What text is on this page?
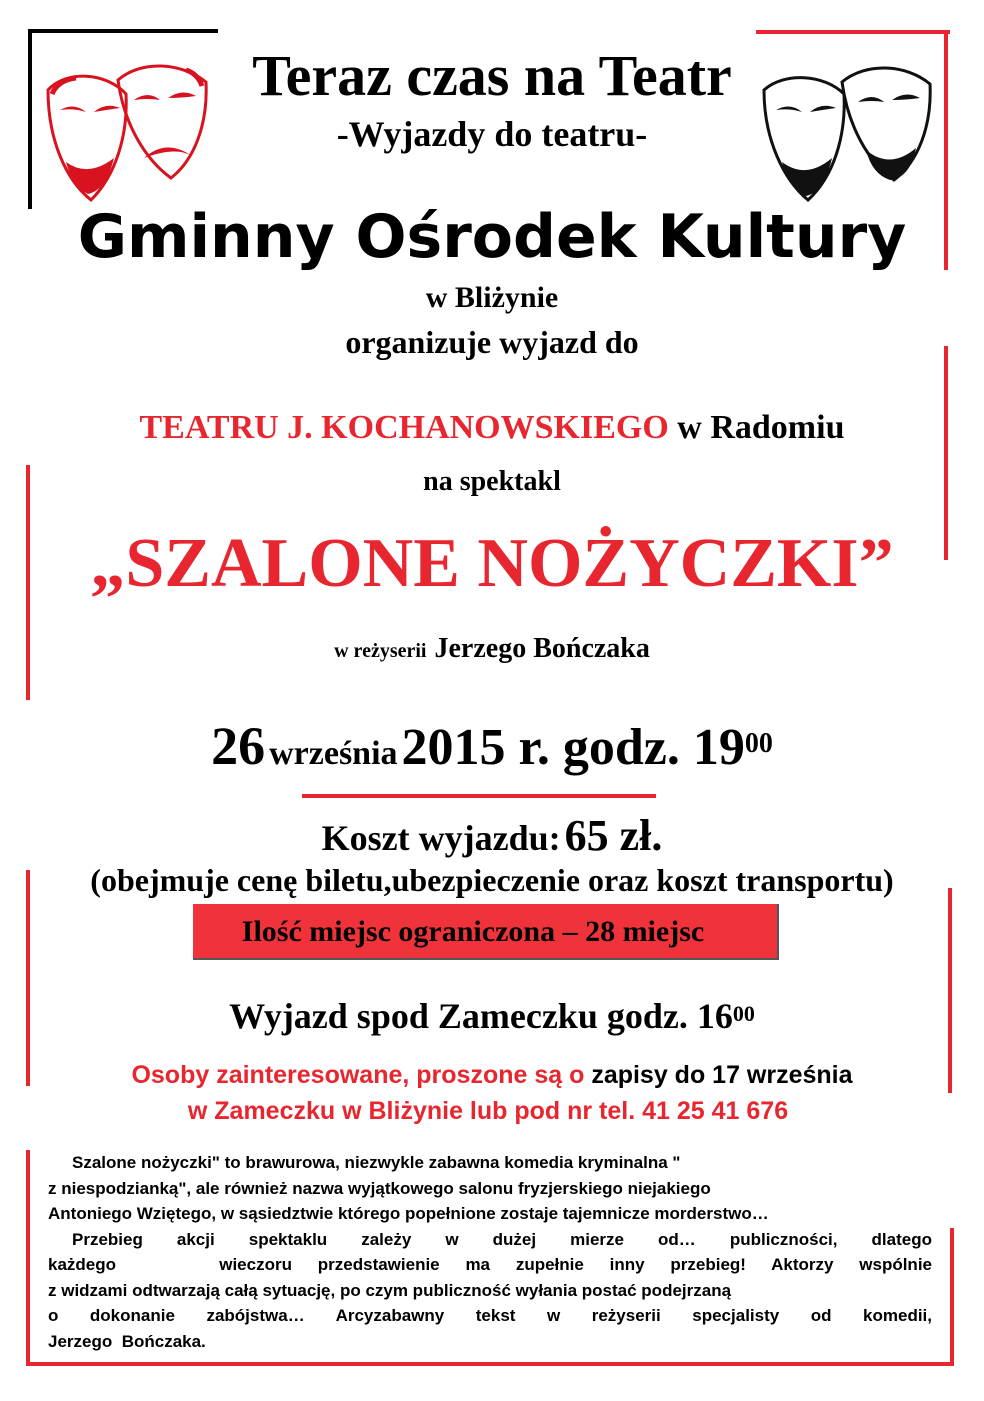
Teraz czas na Teatr
-Wyjazdy do teatru-
Gminny Ośrodek Kultury
w Bliżynie
organizuje wyjazd do
TEATRU J. KOCHANOWSKIEGO w Radomiu
na spektakl
„SZALONE NOŻYCZKI”
w reżyserii Jerzego Bończaka
26 września 2015 r. godz. $19^{00}$
Koszt wyjazdu: 65 zł.
(obejmuje cenę biletu,ubezpieczenie oraz koszt transportu)
Ilość miejsc ograniczona – 28 miejsc
Wyjazd spod Zameczku godz. $16^{00}$
Osoby zainteresowane, proszone są o zapisy do 17 września
w Zameczku w Bliżynie lub pod nr tel. 41 25 41 676
Szalone nożyczki" to brawurowa, niezwykle zabawna komedia kryminalna "
z niespodzianką", ale również nazwa wyjątkowego salonu fryzjerskiego niejakiego
Antoniego Wziętego, w sąsiedztwie którego popełnione zostaje tajemnicze morderstwo…
Przebieg akcji spektaklu zależy w dużej mierze od… publiczności, dlatego
każdego    wieczoru przedstawienie ma zupełnie inny przebieg! Aktorzy wspólnie
z widzami odtwarzają całą sytuację, po czym publiczność wyłania postać podejrzaną
o dokonanie zabójstwa… Arcyzabawny tekst w reżyserii specjalisty od komedii,
Jerzego  Bończaka.
